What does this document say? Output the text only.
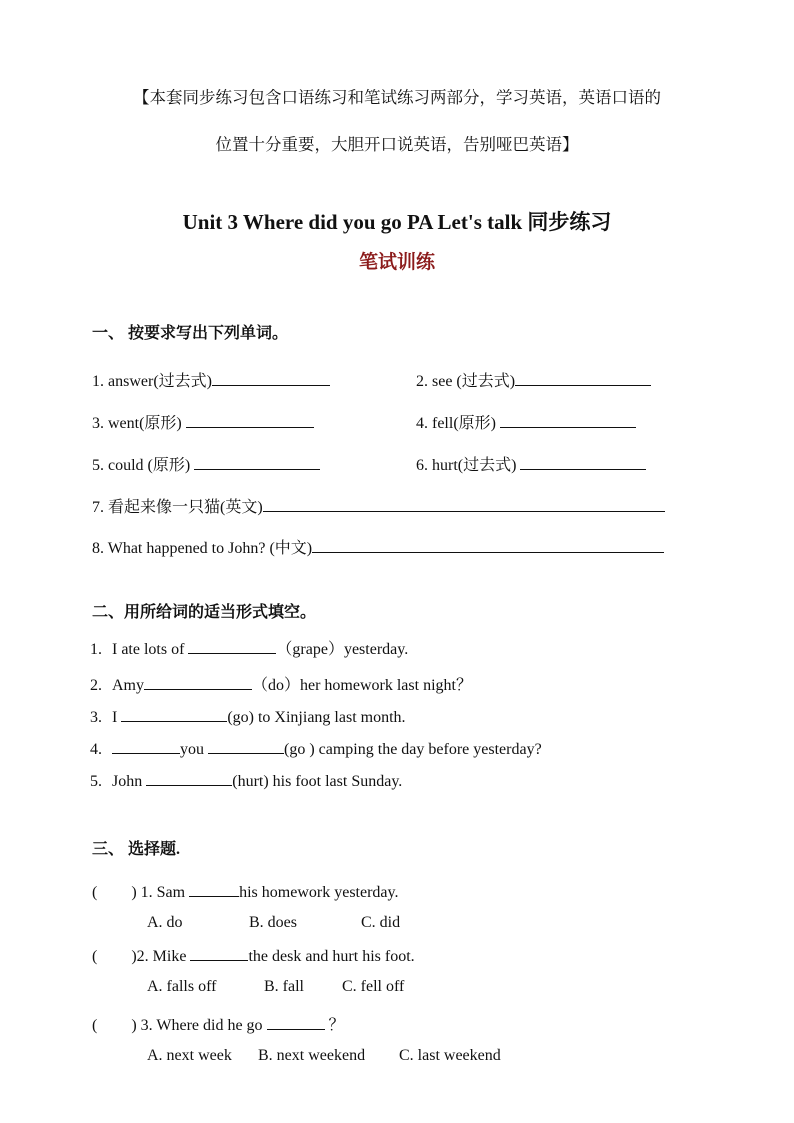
【本套同步练习包含口语练习和笔试练习两部分，学习英语，英语口语的
位置十分重要，大胆开口说英语，告别哑巴英语】
Unit 3 Where did you go PA Let's talk 同步练习
笔试训练
一、 按要求写出下列单词。
1. answer(过去式)	2. see (过去式)
3. went(原形)	4. fell(原形)
5. could (原形)	6. hurt(过去式)
7. 看起来像一只猫(英文)
8. What happened to John? (中文)
二、用所给词的适当形式填空。
1. I ate lots of	（grape）yesterday.
2. Amy	（do）her homework last night？
3. I	(go) to Xinjiang last month.
4.	you	(go ) camping the day before yesterday?
5. John	(hurt) his foot last Sunday.
三、 选择题.
( ) 1. Sam	his homework yesterday.
A. do	B. does	C. did
( )2. Mike	the desk and hurt his foot.
A. falls off	B. fall C. fell off
( ) 3. Where did he go	？
A. next week B. next weekend C. last weekend
